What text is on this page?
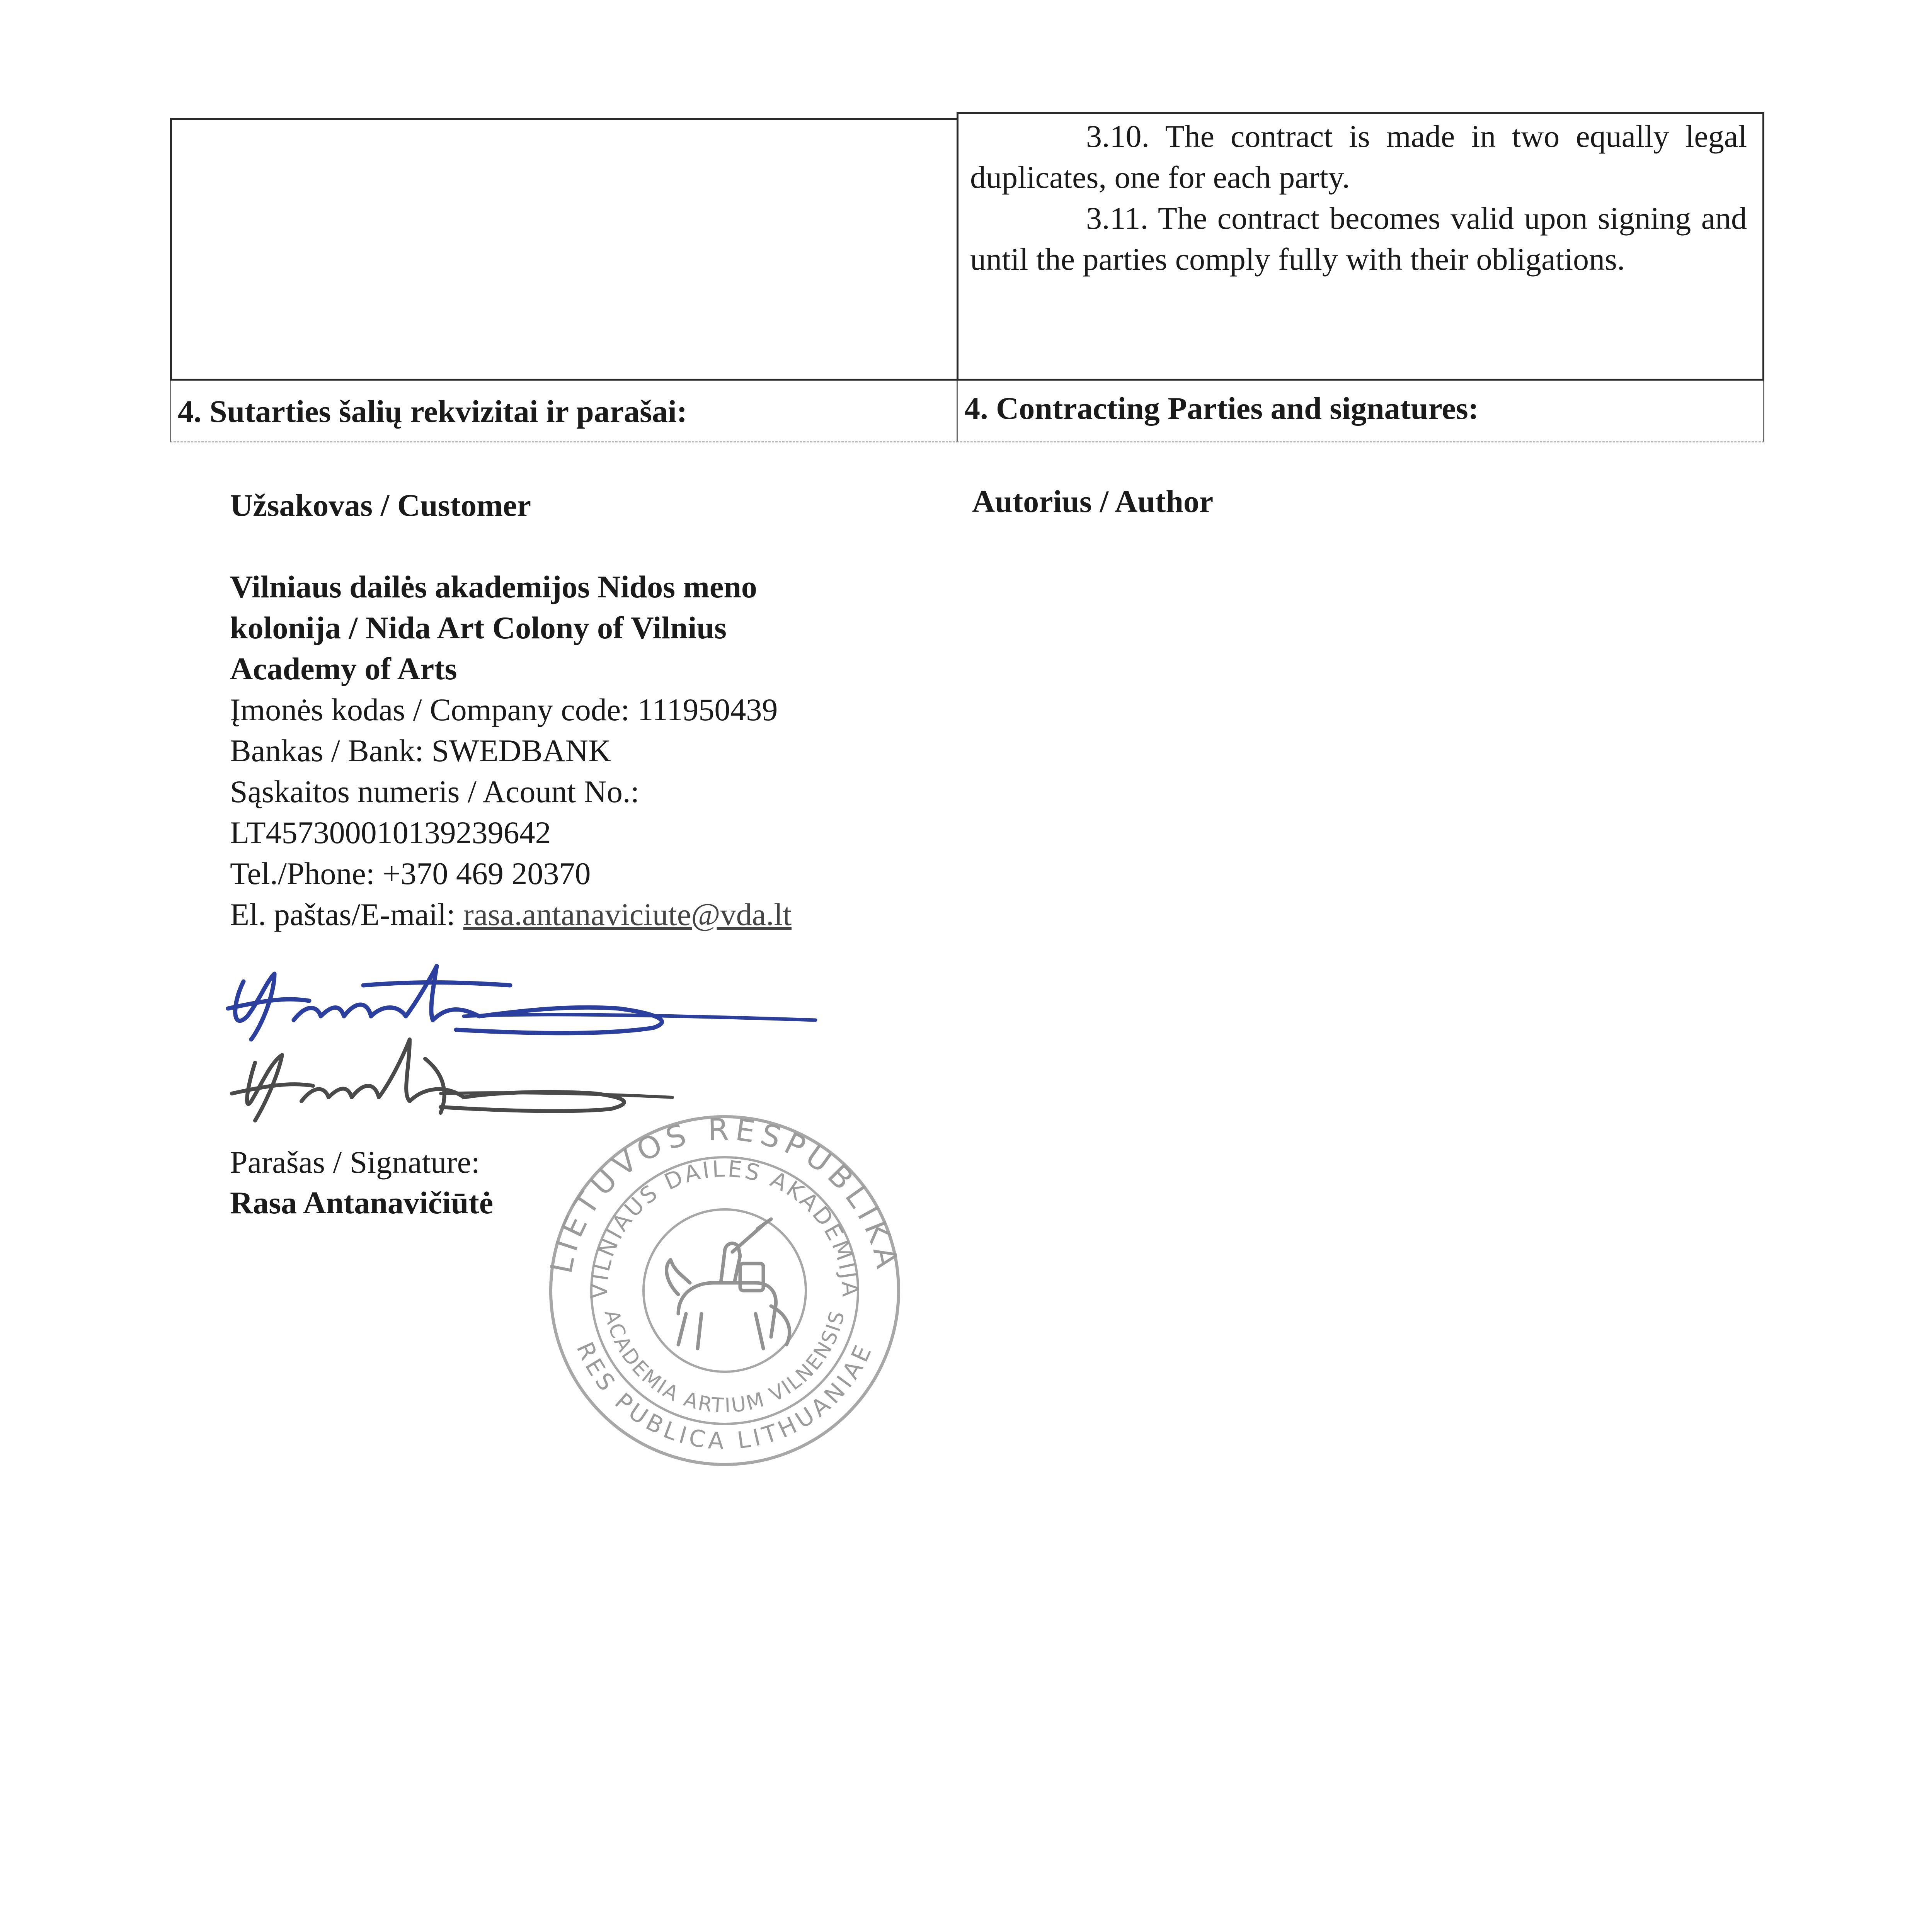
3.10. The contract is made in two equally legal duplicates, one for each party.
3.11. The contract becomes valid upon signing and until the parties comply fully with their obligations.
4. Sutarties šalių rekvizitai ir parašai:	4. Contracting Parties and signatures:
Užsakovas / Customer	Autorius / Author
Vilniaus dailės akademijos Nidos meno
kolonija / Nida Art Colony of Vilnius
Academy of Arts
Įmonės kodas / Company code: 111950439
Bankas / Bank: SWEDBANK
Sąskaitos numeris / Acount No.:
LT457300010139239642
Tel./Phone: +370 469 20370
El. paštas/E-mail: rasa.antanaviciute@vda.lt
Parašas / Signature:
Rasa Antanavičiūtė
LIETUVOS RESPUBLIKA
VILNIAUS DAILĖS AKADEMIJA
ACADEMIA ARTIUM VILNENSIS
RES PUBLICA LITHUANIAE
